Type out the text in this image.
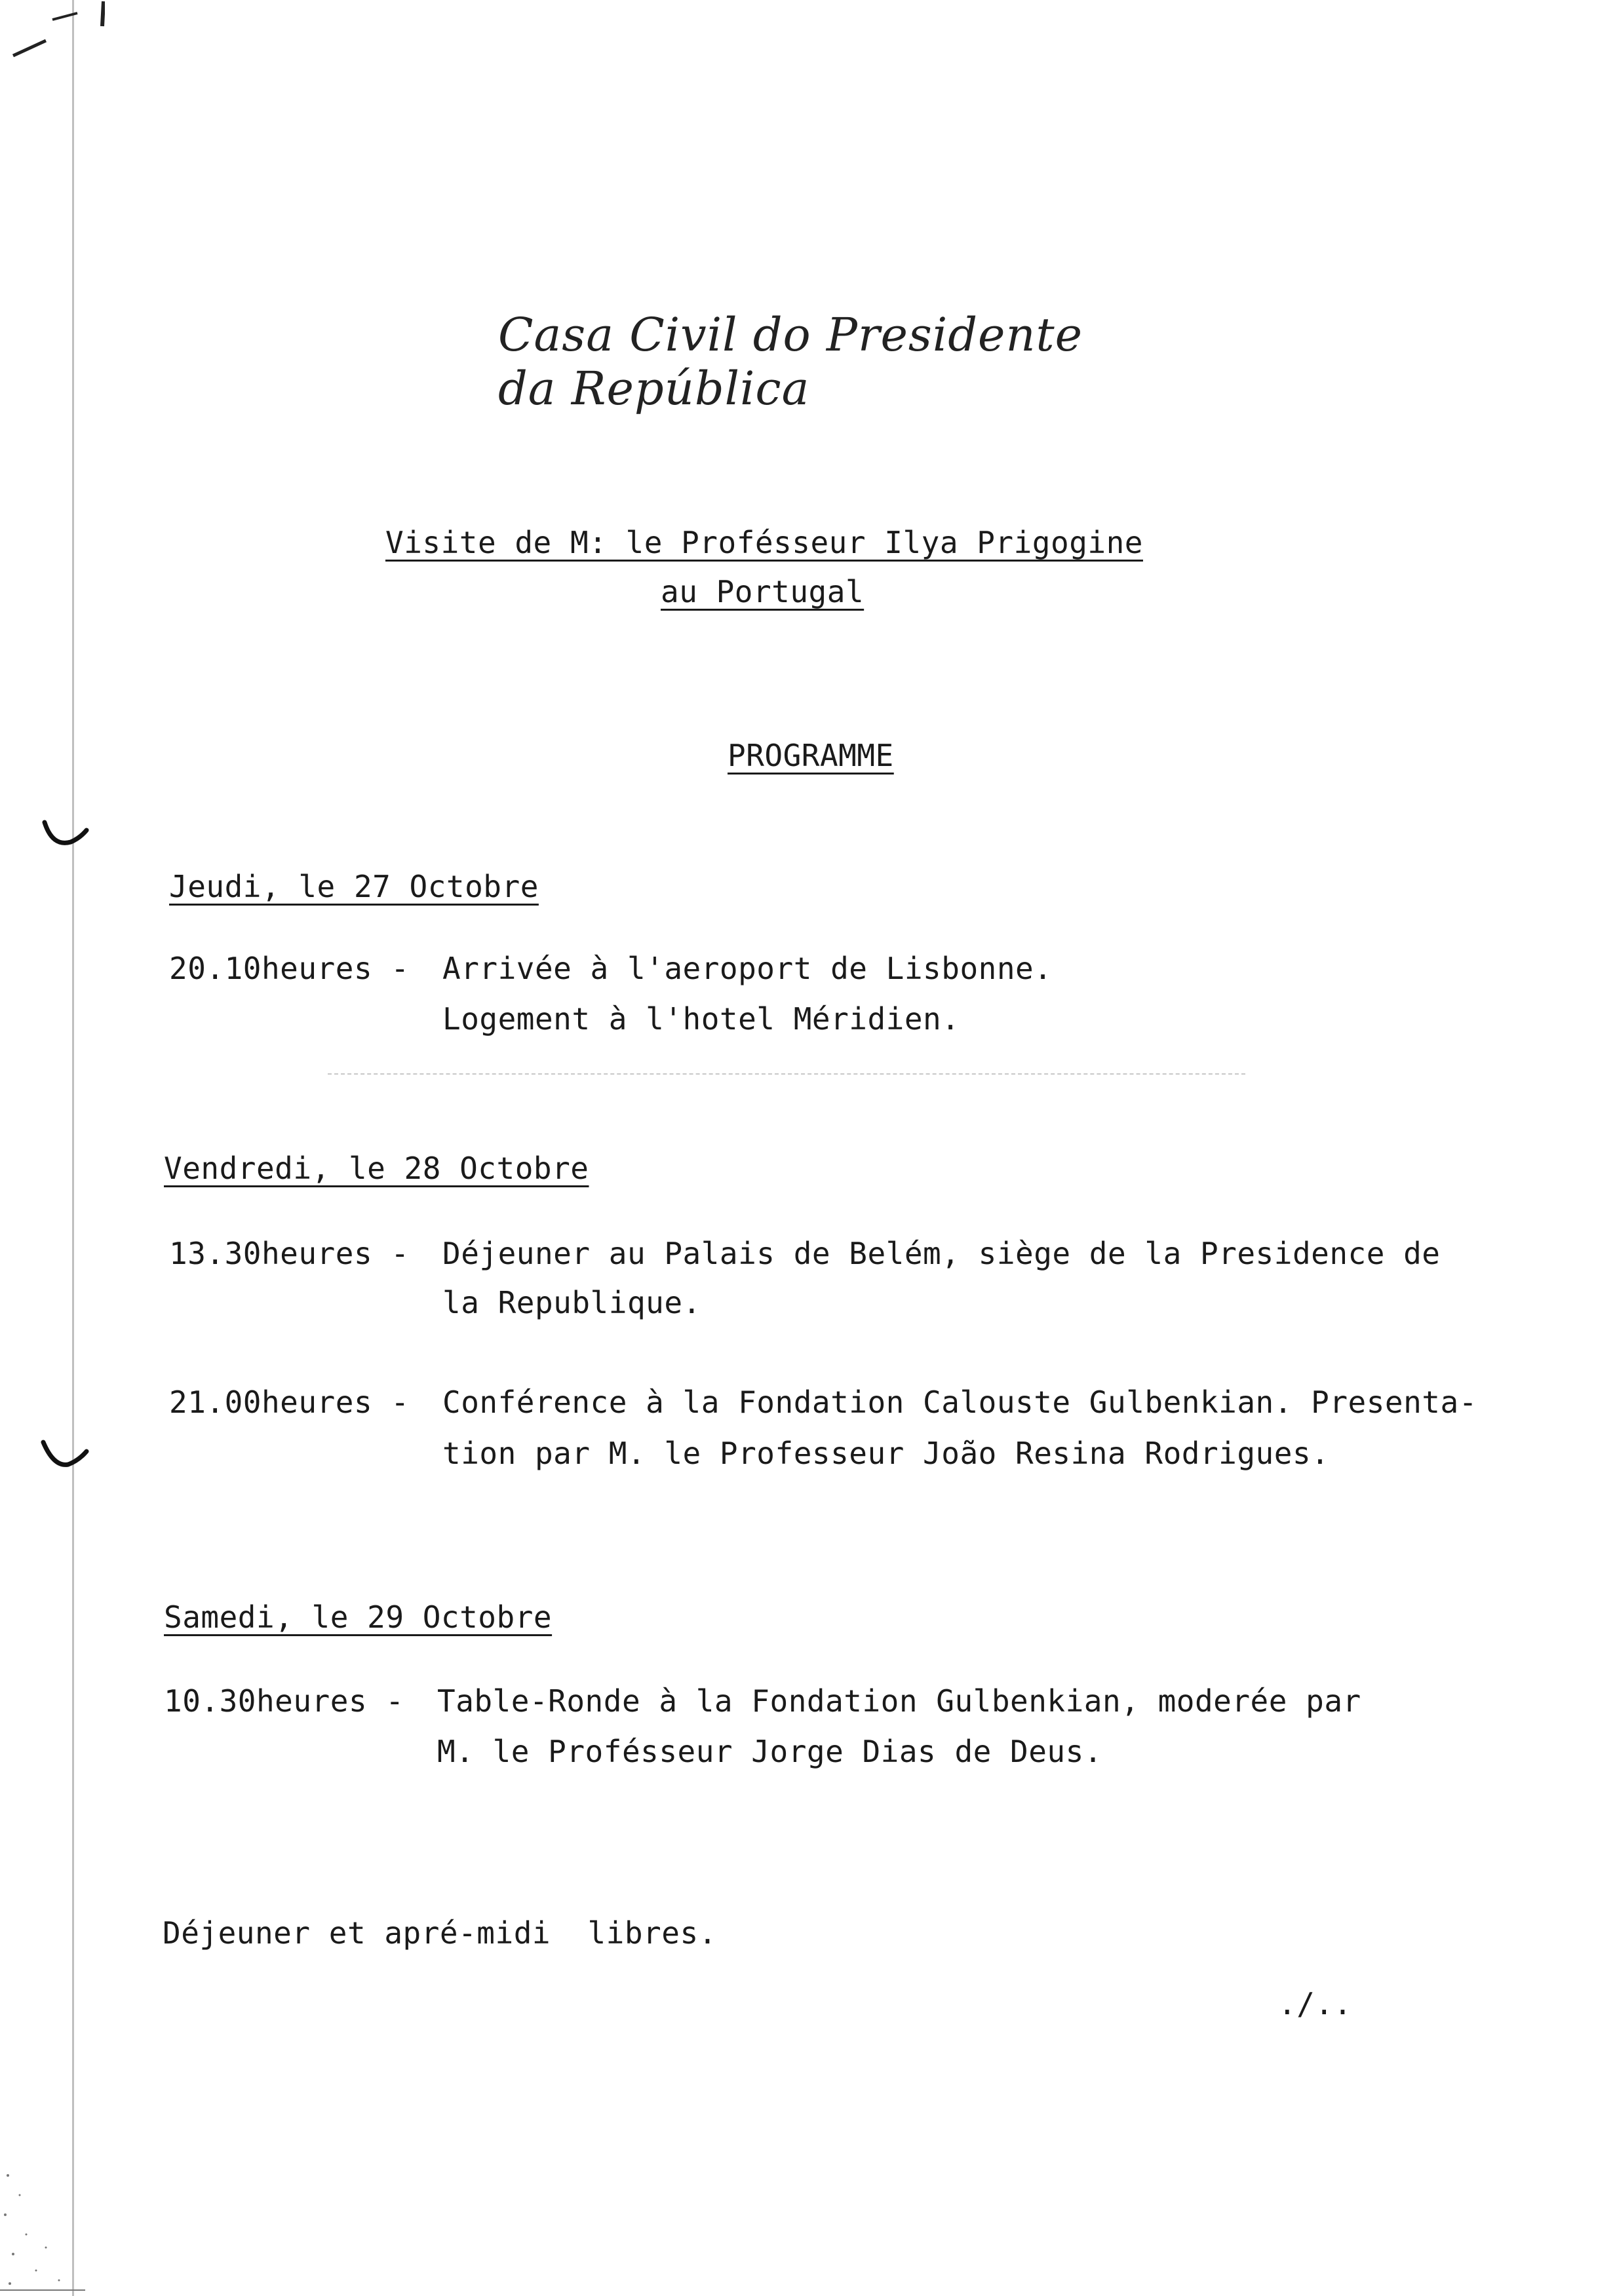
Casa Civil do Presidente da República
Visite de M: le Profésseur Ilya Prigogine
au Portugal
PROGRAMME
Jeudi, le 27 Octobre
20.10heures - Arrivée à l'aeroport de Lisbonne.
Logement à l'hotel Méridien.
Vendredi, le 28 Octobre
13.30heures - Déjeuner au Palais de Belém, siège de la Presidence de
la Republique.
21.00heures - Conférence à la Fondation Calouste Gulbenkian. Presenta-
tion par M. le Professeur João Resina Rodrigues.
Samedi, le 29 Octobre
10.30heures - Table-Ronde à la Fondation Gulbenkian, moderée par
M. le Profésseur Jorge Dias de Deus.
Déjeuner et apré-midi  libres.
./..
